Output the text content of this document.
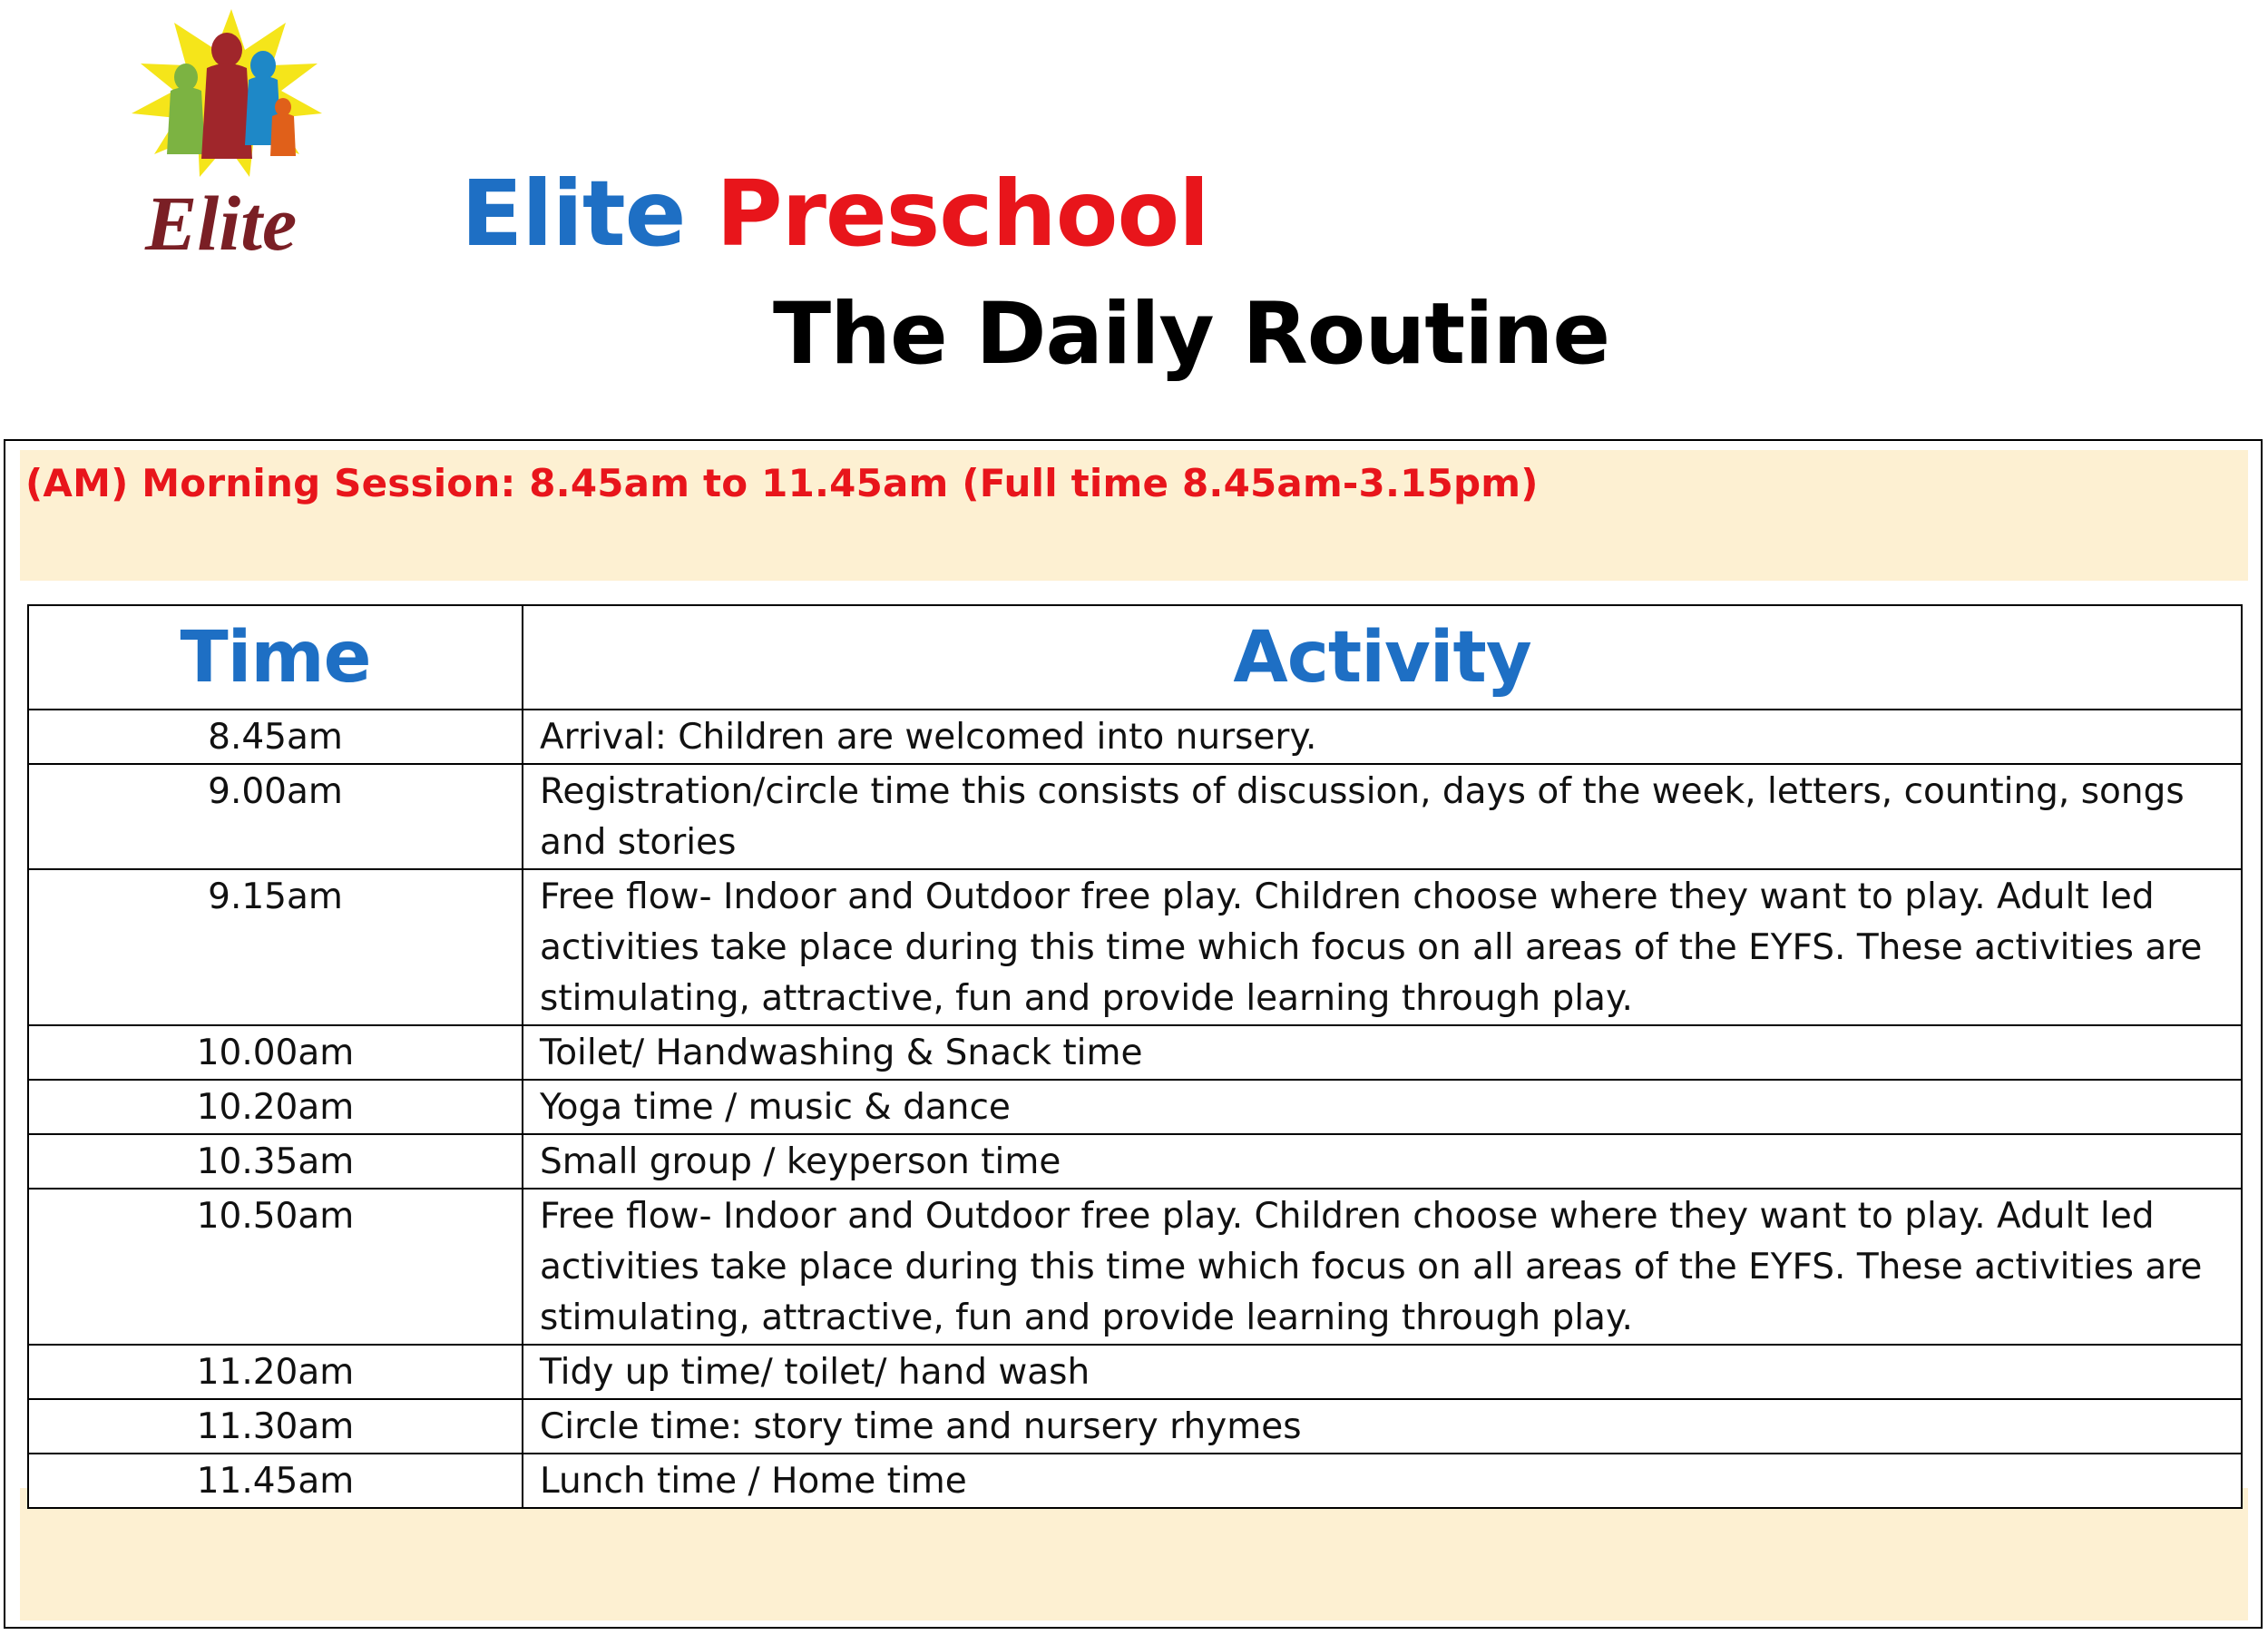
Elite Elite Preschool
The Daily Routine
(AM) Morning Session: 8.45am to 11.45am (Full time 8.45am-3.15pm)
Time	Activity
8.45am	Arrival: Children are welcomed into nursery.
9.00am	Registration/circle time this consists of discussion, days of the week, letters, counting, songs and stories
9.15am	Free flow- Indoor and Outdoor free play. Children choose where they want to play. Adult led activities take place during this time which focus on all areas of the EYFS. These activities are stimulating, attractive, fun and provide learning through play.
10.00am	Toilet/ Handwashing & Snack time
10.20am	Yoga time / music & dance
10.35am	Small group / keyperson time
10.50am	Free flow- Indoor and Outdoor free play. Children choose where they want to play. Adult led activities take place during this time which focus on all areas of the EYFS. These activities are stimulating, attractive, fun and provide learning through play.
11.20am	Tidy up time/ toilet/ hand wash
11.30am	Circle time: story time and nursery rhymes
11.45am	Lunch time / Home time
